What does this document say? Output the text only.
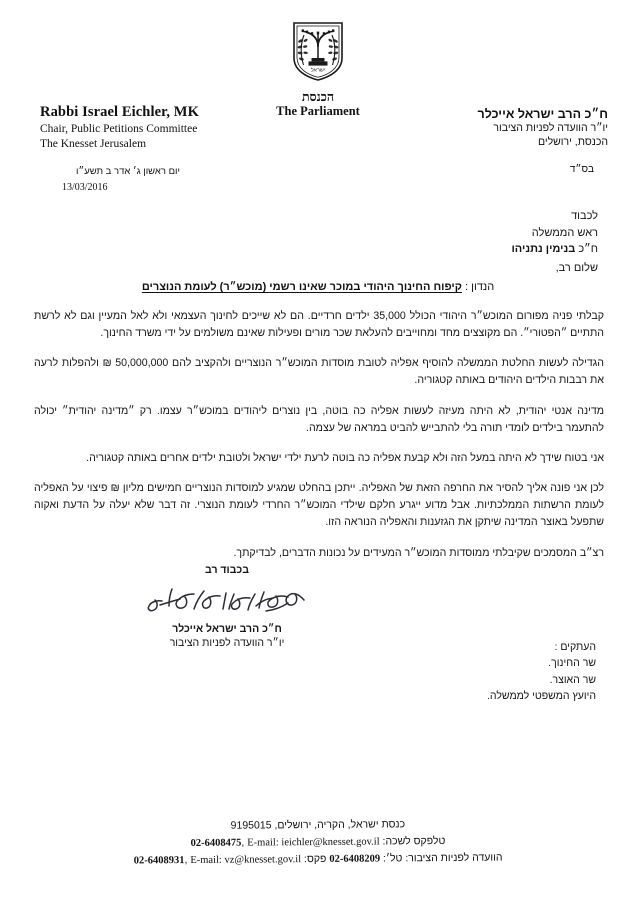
ישראל
הכנסת
The Parliament
Rabbi Israel Eichler, MK
Chair, Public Petitions Committee
The Knesset Jerusalem
יום ראשון ג׳ אדר ב תשע״ו
13/03/2016
ח״כ הרב ישראל אייכלר
יו״ר הוועדה לפניות הציבור
הכנסת, ירושלים
בס״ד
לכבוד
ראש הממשלה
ח״כ בנימין נתניהו
שלום רב,
הנדון : קיפוח החינוך היהודי במוכר שאינו רשמי (מוכש״ר) לעומת הנוצרים

קבלתי פניה מפורום המוכש״ר היהודי הכולל 35,000 ילדים חרדיים. הם לא שייכים לחינוך העצמאי ולא לאל המעיין וגם לא לרשת התתיים ״הפטורי״. הם מקוצצים מחד ומחוייבים להעלאת שכר מורים ופעילות שאינם משולמים על ידי משרד החינוך.

הגדילה לעשות החלטת הממשלה להוסיף אפליה לטובת מוסדות המוכש״ר הנוצריים ולהקציב להם 50,000,000 ₪ ולהפלות לרעה את רבבות הילדים היהודים באותה קטגוריה.

מדינה אנטי יהודית, לא היתה מעיזה לעשות אפליה כה בוטה, בין נוצרים ליהודים במוכש״ר עצמו. רק ״מדינה יהודית״ יכולה להתעמר בילדים לומדי תורה בלי להתבייש להביט במראה של עצמה.

אני בטוח שידך לא היתה במעל הזה ולא קבעת אפליה כה בוטה לרעת ילדי ישראל ולטובת ילדים אחרים באותה קטגוריה.

לכן אני פונה אליך להסיר את החרפה הזאת של האפליה. ייתכן בהחלט שמגיע למוסדות הנוצריים חמישים מליון ₪ פיצוי על האפליה לעומת הרשתות הממלכתיות. אבל מדוע ייגרע חלקם שילדי המוכש״ר החרדי לעומת הנוצרי. זה דבר שלא יעלה על הדעת ואקוה שתפעל באוצר המדינה שיתקן את הגזענות והאפליה הנוראה הזו.

רצ״ב המסמכים שקיבלתי ממוסדות המוכש״ר המעידים על נכונות הדברים, לבדיקתך.

בכבוד רב
ח״כ הרב ישראל אייכלר
יו״ר הוועדה לפניות הציבור	העתקים :
שר החינוך.
שר האוצר.
היועץ המשפטי לממשלה.
כנסת ישראל, הקריה, ירושלים, 9195015
טלפקס לשכה: 02-6408475, E-mail: ieichler@knesset.gov.il
הוועדה לפניות הציבור: טל׳: 02-6408209 פקס: 02-6408931, E-mail: vz@knesset.gov.il
